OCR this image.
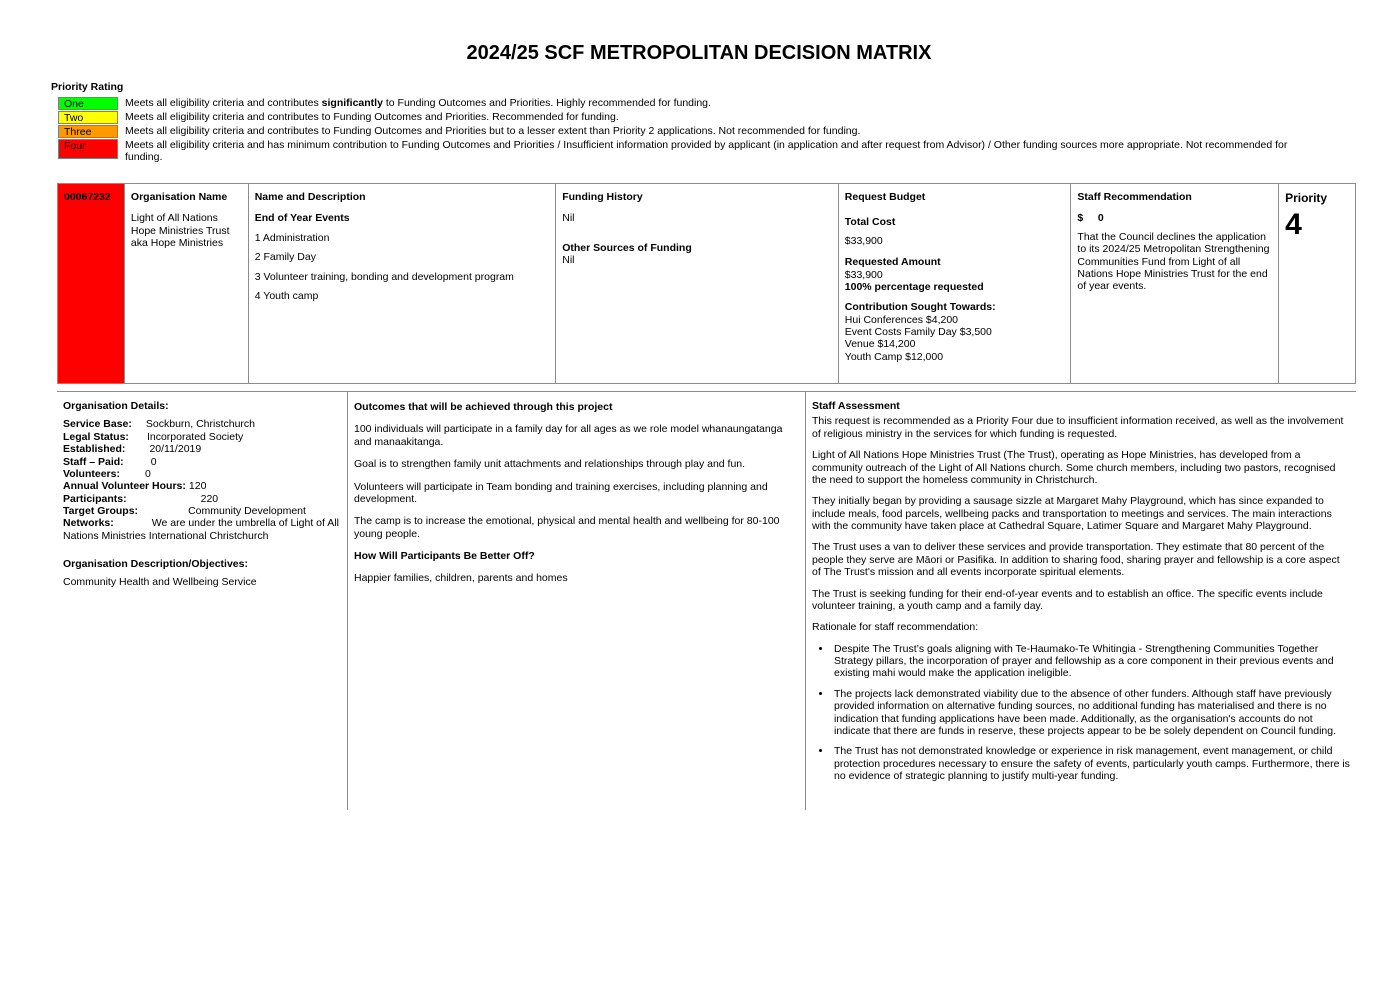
2024/25 SCF METROPOLITAN DECISION MATRIX
Priority Rating
One	Meets all eligibility criteria and contributes significantly to Funding Outcomes and Priorities. Highly recommended for funding.
Two	Meets all eligibility criteria and contributes to Funding Outcomes and Priorities. Recommended for funding.
Three	Meets all eligibility criteria and contributes to Funding Outcomes and Priorities but to a lesser extent than Priority 2 applications. Not recommended for funding.
Four	Meets all eligibility criteria and has minimum contribution to Funding Outcomes and Priorities / Insufficient information provided by applicant (in application and after request from Advisor) / Other funding sources more appropriate. Not recommended for funding.
00067232	Organisation Name
Light of All Nations Hope Ministries Trust aka Hope Ministries
Name and Description
End of Year Events
1 Administration
2 Family Day
3 Volunteer training, bonding and development program
4 Youth camp
Funding History
Nil
Other Sources of Funding
Nil
Request Budget
Total Cost
$33,900
Requested Amount
$33,900
100% percentage requested
Contribution Sought Towards:
Hui Conferences $4,200
Event Costs Family Day $3,500
Venue $14,200
Youth Camp $12,000
Staff Recommendation
$     0
That the Council declines the application to its 2024/25 Metropolitan Strengthening Communities Fund from Light of all Nations Hope Ministries Trust for the end of year events.
Priority
4
Organisation Details:
Service Base: Sockburn, Christchurch
Legal Status: Incorporated Society
Established: 20/11/2019
Staff – Paid:	0
Volunteers: 0
Annual Volunteer Hours: 120
Participants:	220
Target Groups:	Community Development
Networks:	We are under the umbrella of Light of All Nations Ministries International Christchurch
Organisation Description/Objectives:
Community Health and Wellbeing Service
Outcomes that will be achieved through this project
100 individuals will participate in a family day for all ages as we role model whanaungatanga and manaakitanga.
Goal is to strengthen family unit attachments and relationships through play and fun.
Volunteers will participate in Team bonding and training exercises, including planning and development.
The camp is to increase the emotional, physical and mental health and wellbeing for 80-100 young people.
How Will Participants Be Better Off?
Happier families, children, parents and homes
Staff Assessment
This request is recommended as a Priority Four due to insufficient information received, as well as the involvement of religious ministry in the services for which funding is requested.
Light of All Nations Hope Ministries Trust (The Trust), operating as Hope Ministries, has developed from a community outreach of the Light of All Nations church. Some church members, including two pastors, recognised the need to support the homeless community in Christchurch.
They initially began by providing a sausage sizzle at Margaret Mahy Playground, which has since expanded to include meals, food parcels, wellbeing packs and transportation to meetings and services. The main interactions with the community have taken place at Cathedral Square, Latimer Square and Margaret Mahy Playground.
The Trust uses a van to deliver these services and provide transportation. They estimate that 80 percent of the people they serve are Māori or Pasifika. In addition to sharing food, sharing prayer and fellowship is a core aspect of The Trust's mission and all events incorporate spiritual elements.
The Trust is seeking funding for their end-of-year events and to establish an office. The specific events include volunteer training, a youth camp and a family day.
Rationale for staff recommendation:
• Despite The Trust’s goals aligning with Te-Haumako-Te Whitingia - Strengthening Communities Together Strategy pillars, the incorporation of prayer and fellowship as a core component in their previous events and existing mahi would make the application ineligible.
• The projects lack demonstrated viability due to the absence of other funders. Although staff have previously provided information on alternative funding sources, no additional funding has materialised and there is no indication that funding applications have been made. Additionally, as the organisation's accounts do not indicate that there are funds in reserve, these projects appear to be be solely dependent on Council funding.
• The Trust has not demonstrated knowledge or experience in risk management, event management, or child protection procedures necessary to ensure the safety of events, particularly youth camps. Furthermore, there is no evidence of strategic planning to justify multi-year funding.
